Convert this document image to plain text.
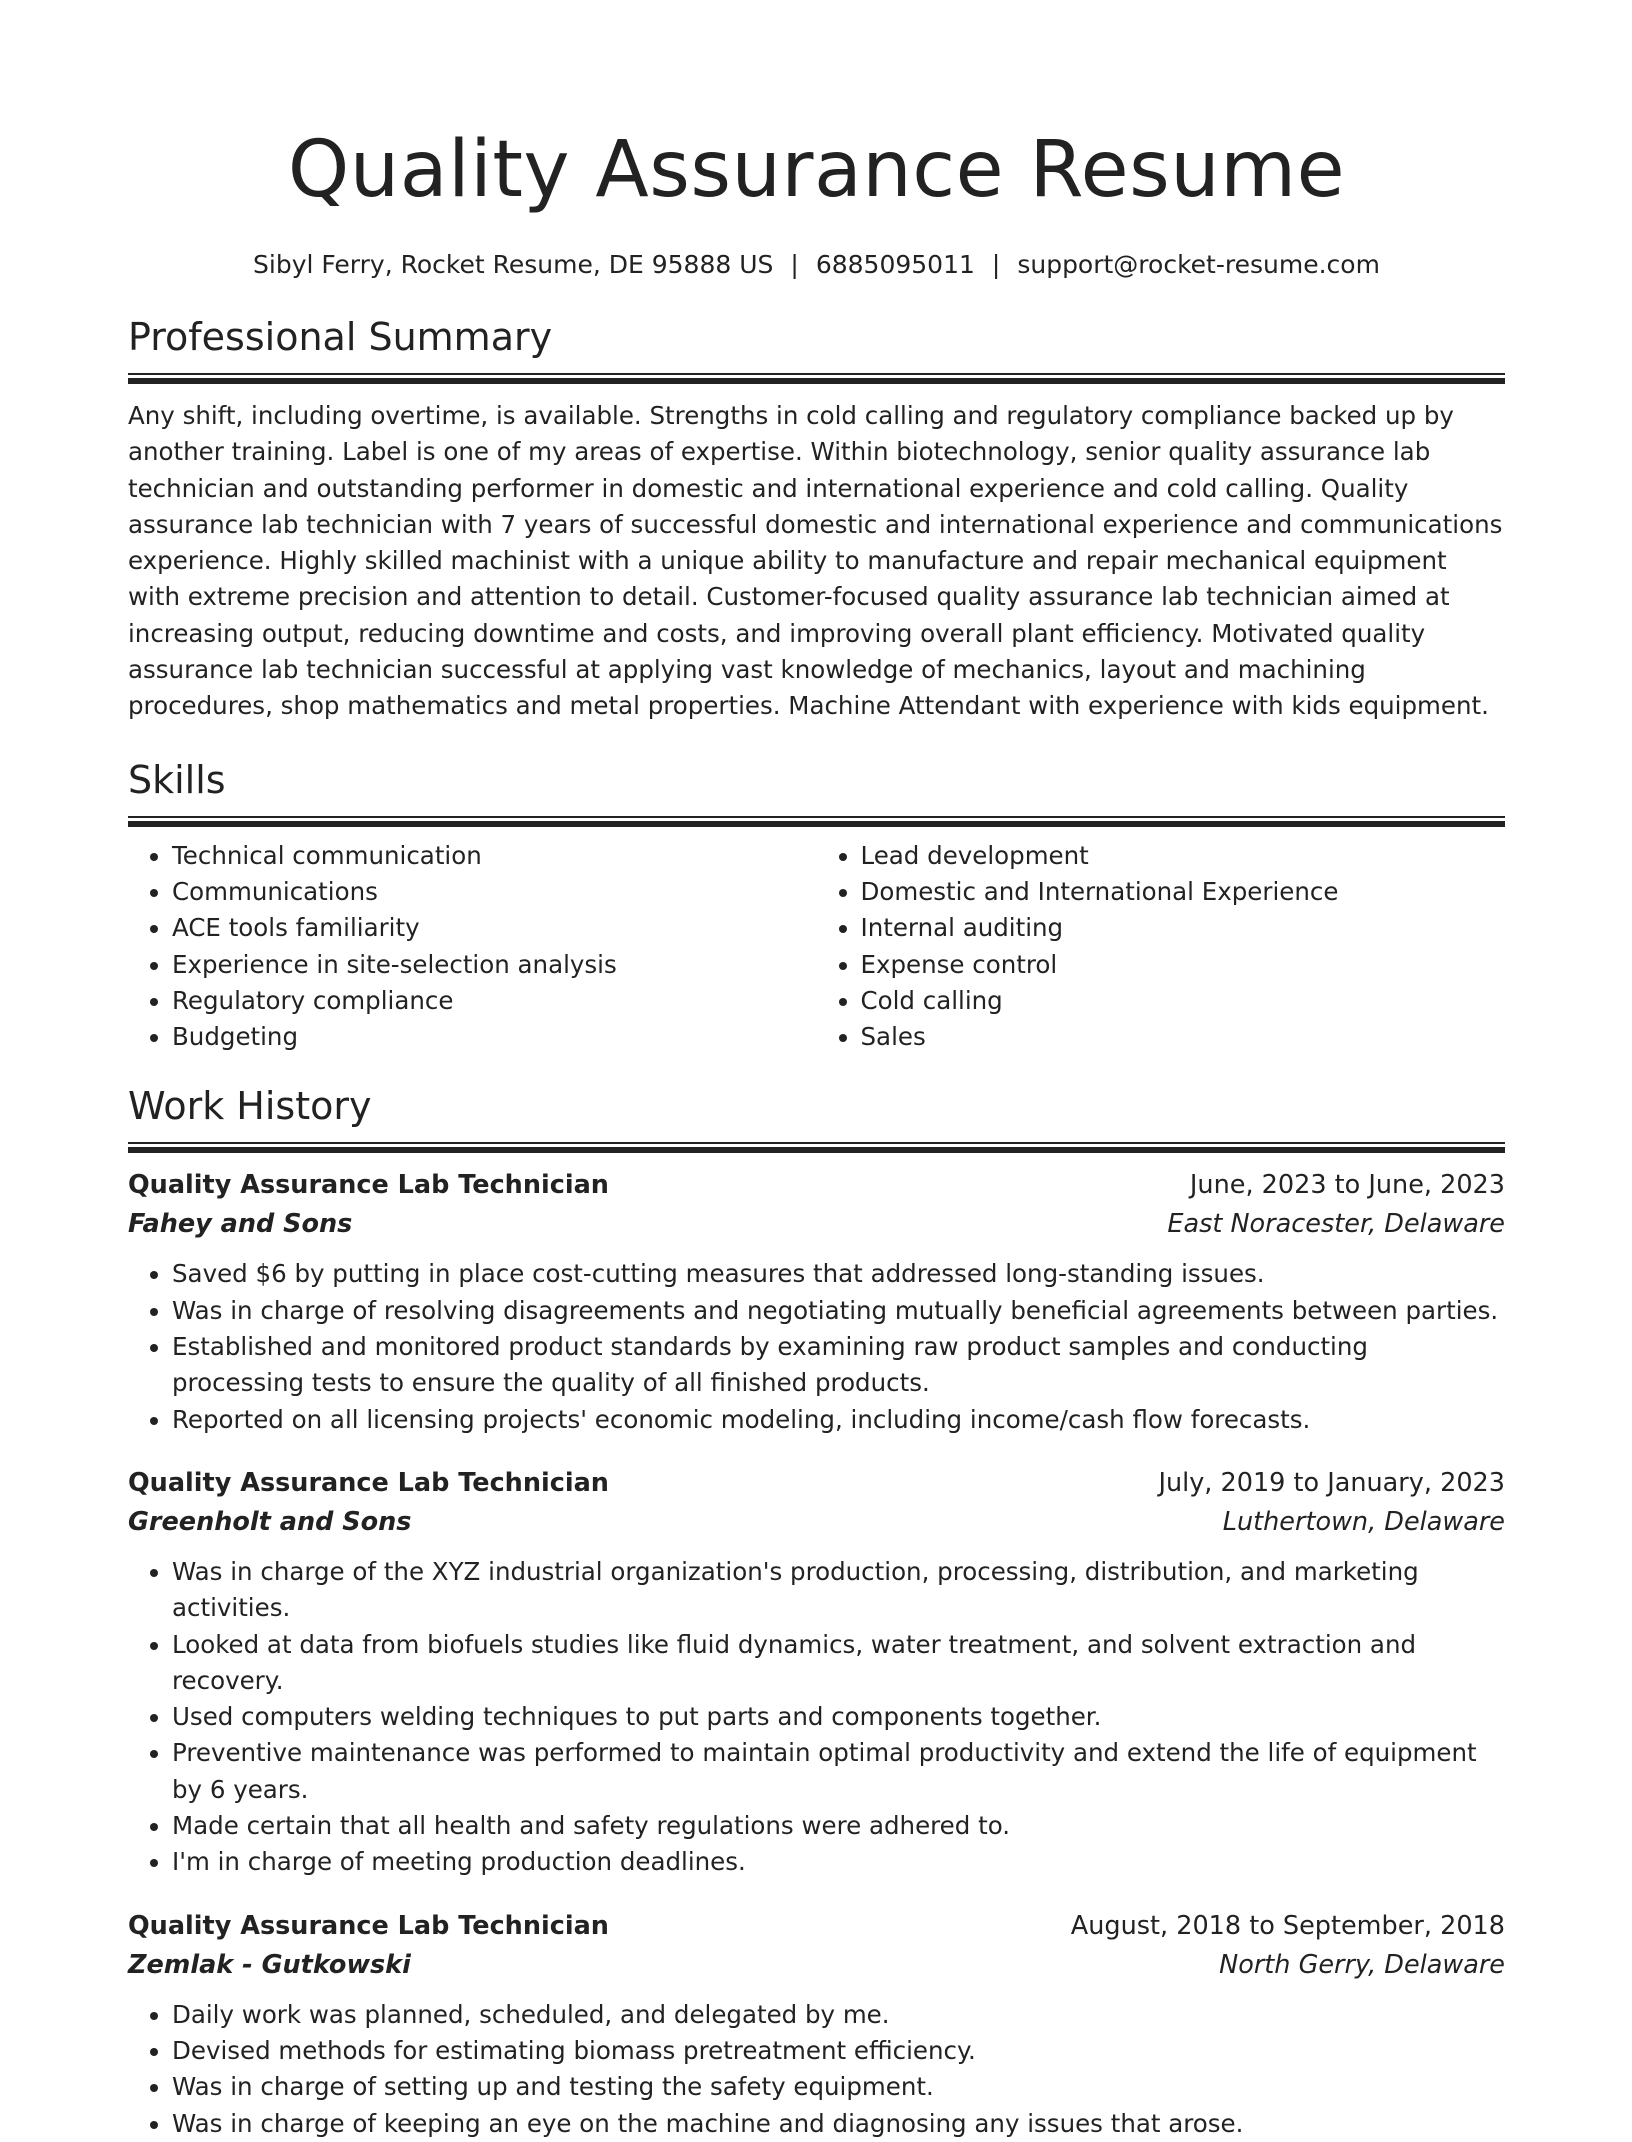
Quality Assurance Resume
Sibyl Ferry, Rocket Resume, DE 95888 US | 6885095011 | support@rocket-resume.com
Professional Summary

Any shift, including overtime, is available. Strengths in cold calling and regulatory compliance backed up by another training. Label is one of my areas of expertise. Within biotechnology, senior quality assurance lab technician and outstanding performer in domestic and international experience and cold calling. Quality assurance lab technician with 7 years of successful domestic and international experience and communications experience. Highly skilled machinist with a unique ability to manufacture and repair mechanical equipment with extreme precision and attention to detail. Customer-focused quality assurance lab technician aimed at increasing output, reducing downtime and costs, and improving overall plant efficiency. Motivated quality assurance lab technician successful at applying vast knowledge of mechanics, layout and machining procedures, shop mathematics and metal properties. Machine Attendant with experience with kids equipment.

Skills
• Technical communication
• Communications
• ACE tools familiarity
• Experience in site-selection analysis
• Regulatory compliance
• Budgeting
• Lead development
• Domestic and International Experience
• Internal auditing
• Expense control
• Cold calling
• Sales
Work History
Quality Assurance Lab Technician	June, 2023 to June, 2023
Fahey and Sons	East Noracester, Delaware
• Saved $6 by putting in place cost-cutting measures that addressed long-standing issues.
• Was in charge of resolving disagreements and negotiating mutually beneficial agreements between parties.
• Established and monitored product standards by examining raw product samples and conducting processing tests to ensure the quality of all finished products.
• Reported on all licensing projects' economic modeling, including income/cash flow forecasts.
Quality Assurance Lab Technician	July, 2019 to January, 2023
Greenholt and Sons	Luthertown, Delaware
• Was in charge of the XYZ industrial organization's production, processing, distribution, and marketing activities.
• Looked at data from biofuels studies like fluid dynamics, water treatment, and solvent extraction and recovery.
• Used computers welding techniques to put parts and components together.
• Preventive maintenance was performed to maintain optimal productivity and extend the life of equipment by 6 years.
• Made certain that all health and safety regulations were adhered to.
• I'm in charge of meeting production deadlines.
Quality Assurance Lab Technician	August, 2018 to September, 2018
Zemlak - Gutkowski	North Gerry, Delaware
• Daily work was planned, scheduled, and delegated by me.
• Devised methods for estimating biomass pretreatment efficiency.
• Was in charge of setting up and testing the safety equipment.
• Was in charge of keeping an eye on the machine and diagnosing any issues that arose.
